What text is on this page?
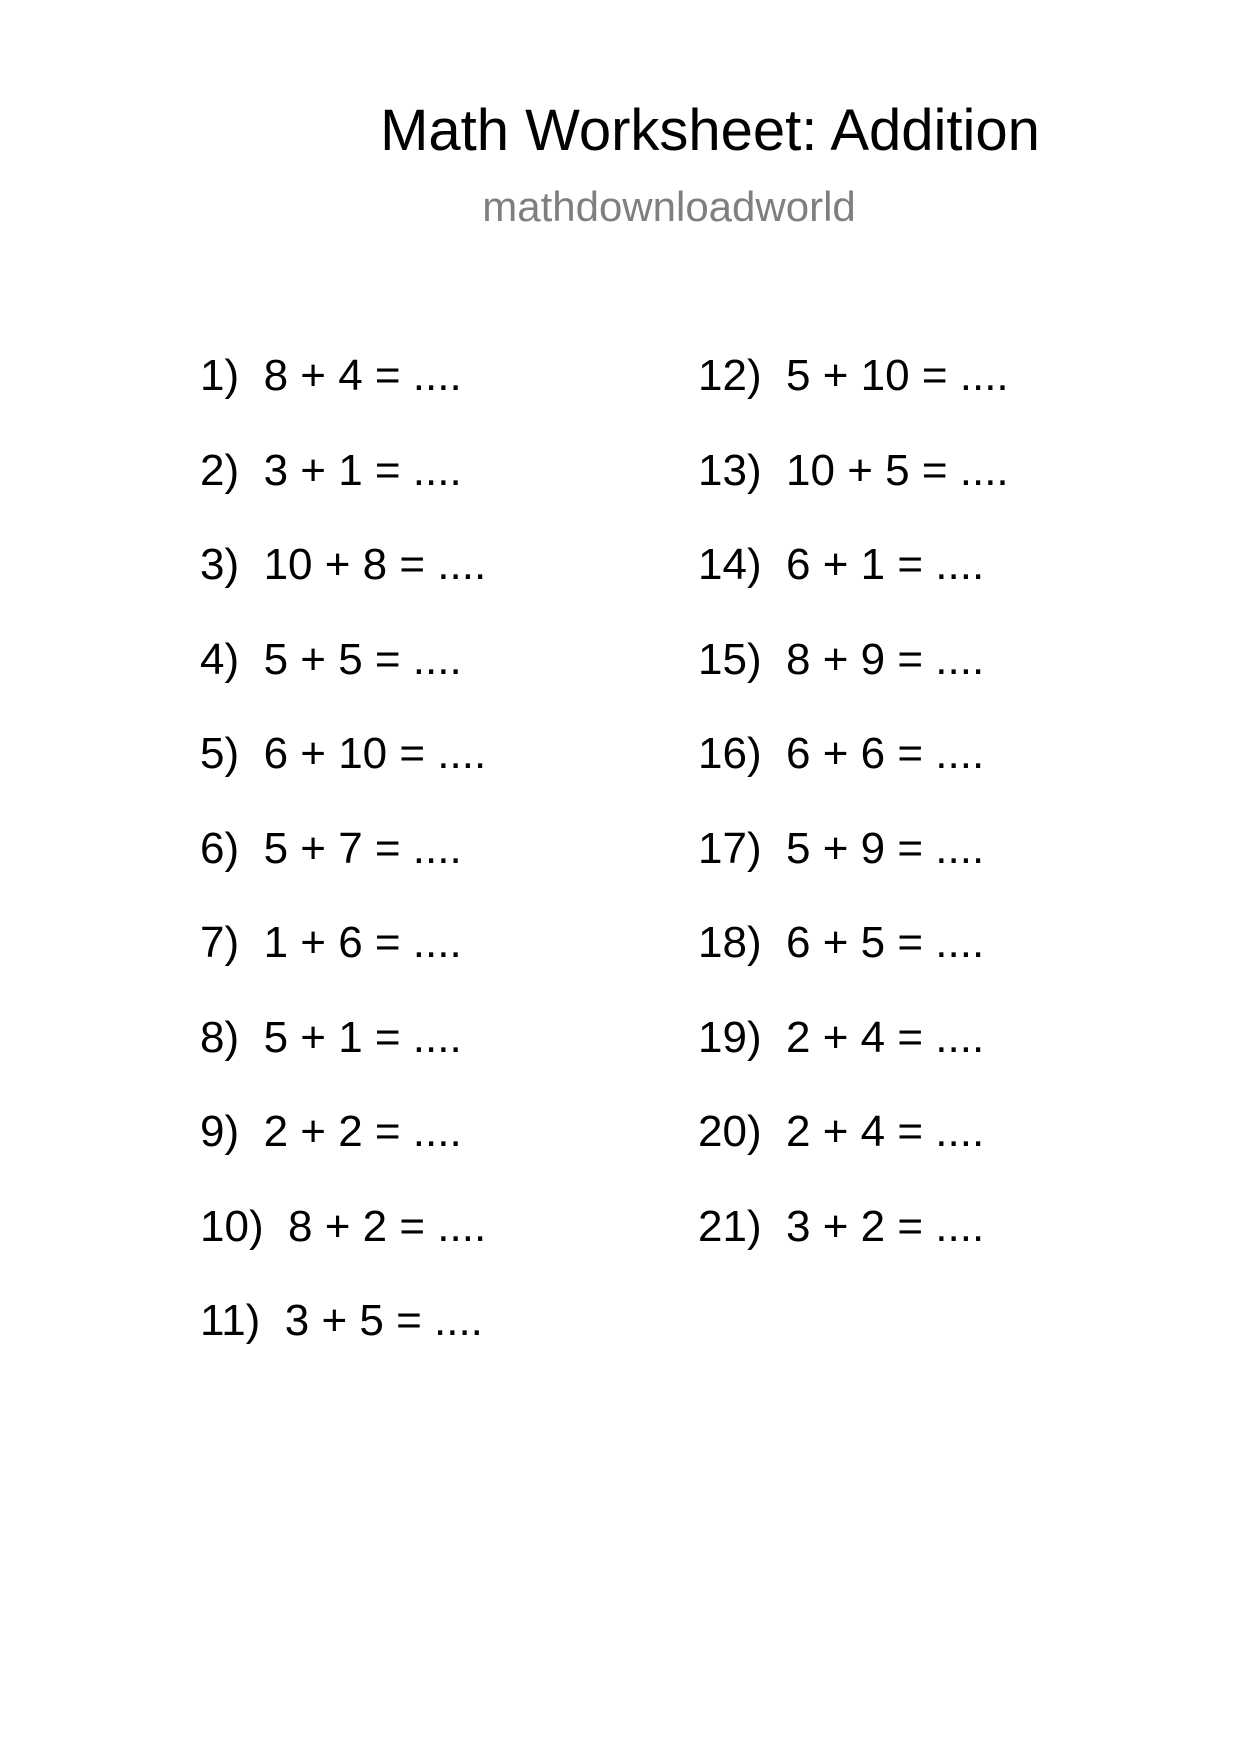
Math Worksheet: Addition
mathdownloadworld
1)  8 + 4 = ....
2)  3 + 1 = ....
3)  10 + 8 = ....
4)  5 + 5 = ....
5)  6 + 10 = ....
6)  5 + 7 = ....
7)  1 + 6 = ....
8)  5 + 1 = ....
9)  2 + 2 = ....
10)  8 + 2 = ....
11)  3 + 5 = ....
12)  5 + 10 = ....
13)  10 + 5 = ....
14)  6 + 1 = ....
15)  8 + 9 = ....
16)  6 + 6 = ....
17)  5 + 9 = ....
18)  6 + 5 = ....
19)  2 + 4 = ....
20)  2 + 4 = ....
21)  3 + 2 = ....
